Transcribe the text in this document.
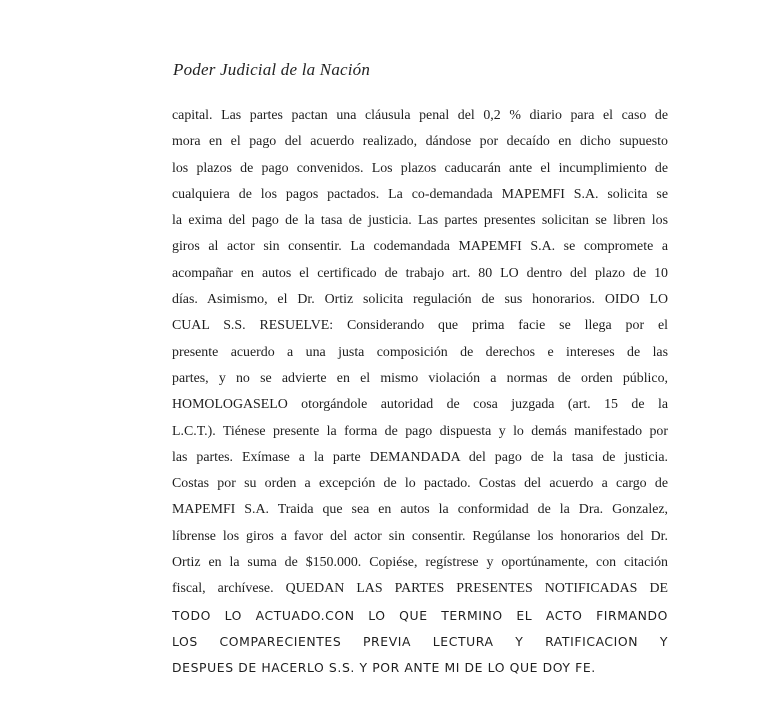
Poder Judicial de la Nación
capital. Las partes pactan una cláusula penal del 0,2 % diario para el caso de
mora en el pago del acuerdo realizado, dándose por decaído en dicho supuesto
los plazos de pago convenidos. Los plazos caducarán ante el incumplimiento de
cualquiera de los pagos pactados. La co-demandada MAPEMFI S.A. solicita se
la exima del pago de la tasa de justicia. Las partes presentes solicitan se libren los
giros al actor sin consentir. La codemandada MAPEMFI S.A. se compromete a
acompañar en autos el certificado de trabajo art. 80 LO dentro del plazo de 10
días. Asimismo, el Dr. Ortiz solicita regulación de sus honorarios. OIDO LO
CUAL S.S. RESUELVE: Considerando que prima facie se llega por el
presente acuerdo a una justa composición de derechos e intereses de las
partes, y no se advierte en el mismo violación a normas de orden público,
HOMOLOGASELO otorgándole autoridad de cosa juzgada (art. 15 de la
L.C.T.). Tiénese presente la forma de pago dispuesta y lo demás manifestado por
las partes. Exímase a la parte DEMANDADA del pago de la tasa de justicia.
Costas por su orden a excepción de lo pactado. Costas del acuerdo a cargo de
MAPEMFI S.A. Traida que sea en autos la conformidad de la Dra. Gonzalez,
líbrense los giros a favor del actor sin consentir. Regúlanse los honorarios del Dr.
Ortiz en la suma de $150.000. Copiése, regístrese y oportúnamente, con citación
fiscal, archívese. QUEDAN LAS PARTES PRESENTES NOTIFICADAS DE
TODO LO ACTUADO.CON LO QUE TERMINO EL ACTO FIRMANDO
LOS COMPARECIENTES PREVIA LECTURA Y RATIFICACION Y
DESPUES DE HACERLO S.S. Y POR ANTE MI DE LO QUE DOY FE.
